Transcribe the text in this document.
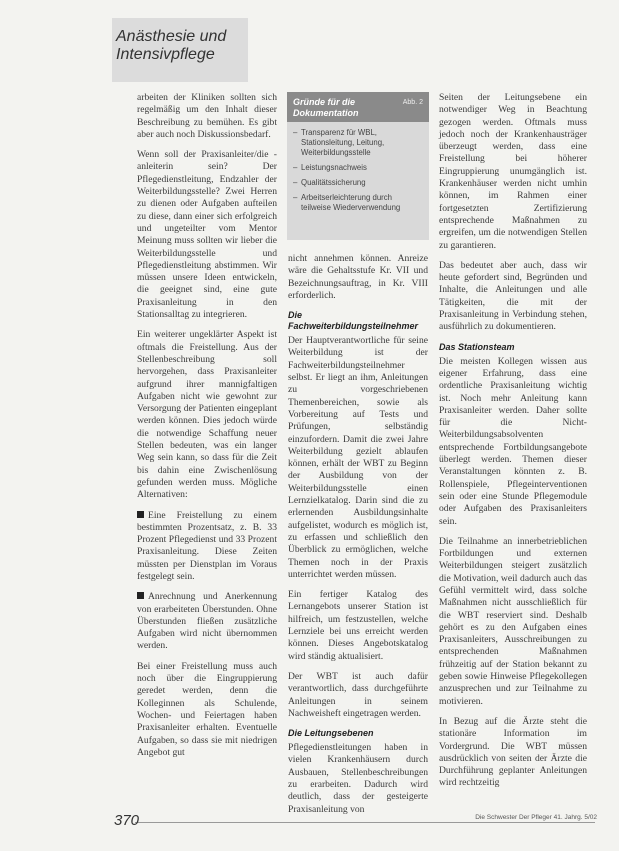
Anästhesie und
Intensivpflege

arbeiten der Kliniken sollten sich regelmäßig um den Inhalt dieser Beschreibung zu bemühen. Es gibt aber auch noch Diskussionsbedarf.

Wenn soll der Praxisanleiter/die -anleiterin sein? Der Pflegedienstleitung, Endzahler der Weiterbildungsstelle? Zwei Herren zu dienen oder Aufgaben aufteilen zu diese, dann einer sich erfolgreich und ungeteilter vom Mentor Meinung muss sollten wir lieber die Weiterbildungsstelle und Pflegedienstleitung abstimmen. Wir müssen unsere Ideen entwickeln, die geeignet sind, eine gute Praxisanleitung in den Stationsalltag zu integrieren.

Ein weiterer ungeklärter Aspekt ist oftmals die Freistellung. Aus der Stellenbeschreibung soll hervorgehen, dass Praxisanleiter aufgrund ihrer mannigfaltigen Aufgaben nicht wie gewohnt zur Versorgung der Patienten eingeplant werden können. Dies jedoch würde die notwendige Schaffung neuer Stellen bedeuten, was ein langer Weg sein kann, so dass für die Zeit bis dahin eine Zwischenlösung gefunden werden muss. Mögliche Alternativen:

Eine Freistellung zu einem bestimmten Prozentsatz, z. B. 33 Prozent Pflegedienst und 33 Prozent Praxisanleitung. Diese Zeiten müssten per Dienstplan im Voraus festgelegt sein.

Anrechnung und Anerkennung von erarbeiteten Überstunden. Ohne Überstunden fließen zusätzliche Aufgaben wird nicht übernommen werden.

Bei einer Freistellung muss auch noch über die Eingruppierung geredet werden, denn die Kolleginnen als Schulende, Wochen- und Feiertagen haben Praxisanleiter erhalten. Eventuelle Aufgaben, so dass sie mit niedrigen Angebot gut

Gründe für die
Dokumentation
Abb. 2
– Transparenz für WBL, Stationsleitung, Leitung, Weiterbildungsstelle
– Leistungsnachweis
– Qualitätssicherung
– Arbeitserleichterung durch teilweise Wiederverwendung

nicht annehmen können. Anreize wäre die Gehaltsstufe Kr. VII und Bezeichnungsauftrag, in Kr. VIII erforderlich.

Die Fachweiterbildungsteilnehmer

Der Hauptverantwortliche für seine Weiterbildung ist der Fachweiterbildungsteilnehmer selbst. Er liegt an ihm, Anleitungen zu vorgeschriebenen Themenbereichen, sowie als Vorbereitung auf Tests und Prüfungen, selbständig einzufordern. Damit die zwei Jahre Weiterbildung gezielt ablaufen können, erhält der WBT zu Beginn der Ausbildung von der Weiterbildungsstelle einen Lernzielkatalog. Darin sind die zu erlernenden Ausbildungsinhalte aufgelistet, wodurch es möglich ist, zu erfassen und schließlich den Überblick zu ermöglichen, welche Themen noch in der Praxis unterrichtet werden müssen.

Ein fertiger Katalog des Lernangebots unserer Station ist hilfreich, um festzustellen, welche Lernziele bei uns erreicht werden können. Dieses Angebotskatalog wird ständig aktualisiert.

Der WBT ist auch dafür verantwortlich, dass durchgeführte Anleitungen in seinem Nachweisheft eingetragen werden.

Die Leitungsebenen

Pflegedienstleitungen haben in vielen Krankenhäusern durch Ausbauen, Stellenbeschreibungen zu erarbeiten. Dadurch wird deutlich, dass der gesteigerte Praxisanleitung von

Seiten der Leitungsebene ein notwendiger Weg in Beachtung gezogen werden. Oftmals muss jedoch noch der Krankenhausträger überzeugt werden, dass eine Freistellung bei höherer Eingruppierung unumgänglich ist. Krankenhäuser werden nicht umhin können, im Rahmen einer fortgesetzten Zertifizierung entsprechende Maßnahmen zu ergreifen, um die notwendigen Stellen zu garantieren.

Das bedeutet aber auch, dass wir heute gefordert sind, Begründen und Inhalte, die Anleitungen und alle Tätigkeiten, die mit der Praxisanleitung in Verbindung stehen, ausführlich zu dokumentieren.

Das Stationsteam

Die meisten Kollegen wissen aus eigener Erfahrung, dass eine ordentliche Praxisanleitung wichtig ist. Noch mehr Anleitung kann Praxisanleiter werden. Daher sollte für die Nicht-Weiterbildungsabsolventen entsprechende Fortbildungsangebote überlegt werden. Themen dieser Veranstaltungen könnten z. B. Rollenspiele, Pflegeinterventionen sein oder eine Stunde Pflegemodule oder Aufgaben des Praxisanleiters sein.

Die Teilnahme an innerbetrieblichen Fortbildungen und externen Weiterbildungen steigert zusätzlich die Motivation, weil dadurch auch das Gefühl vermittelt wird, dass solche Maßnahmen nicht ausschließlich für die WBT reserviert sind. Deshalb gehört es zu den Aufgaben eines Praxisanleiters, Ausschreibungen zu entsprechenden Maßnahmen frühzeitig auf der Station bekannt zu geben sowie Hinweise Pflegekollegen anzusprechen und zur Teilnahme zu motivieren.

In Bezug auf die Ärzte steht die stationäre Information im Vordergrund. Die WBT müssen ausdrücklich von seiten der Ärzte die Durchführung geplanter Anleitungen wird rechtzeitig

370	Die Schwester Der Pfleger 41. Jahrg. 5/02
